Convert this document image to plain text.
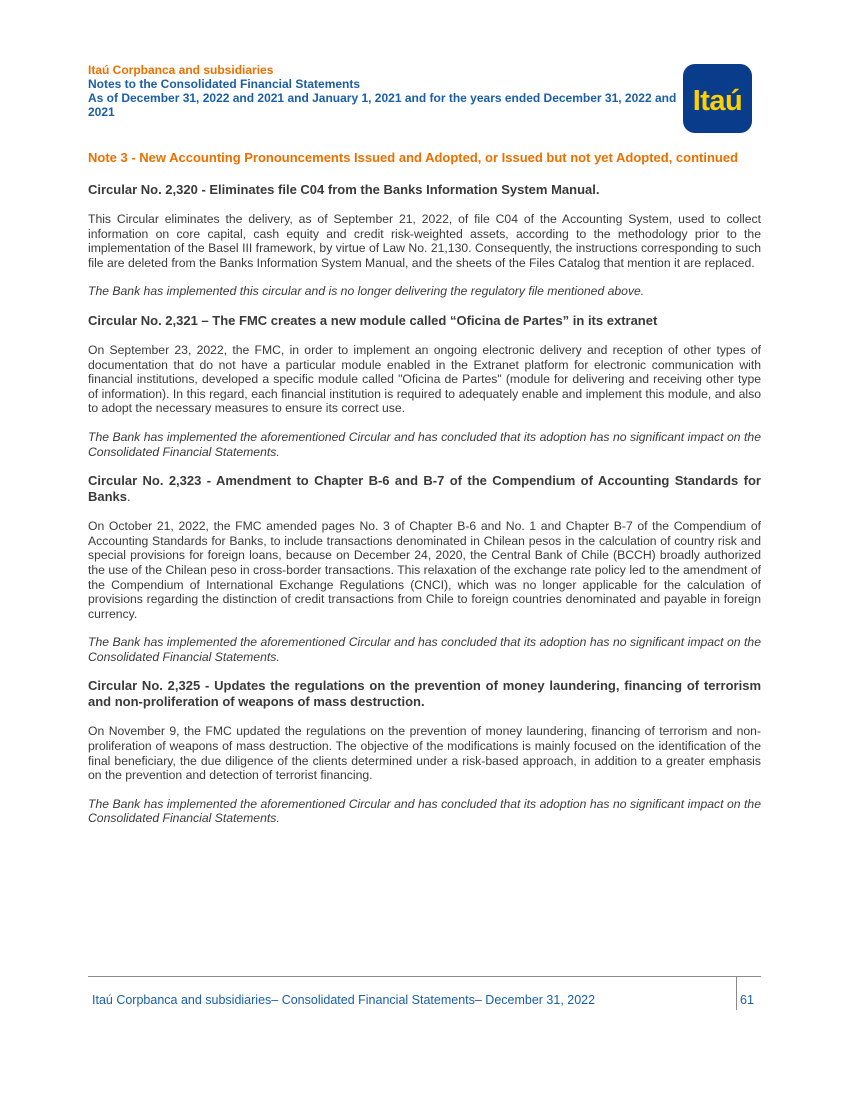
Itaú Corpbanca and subsidiaries
Notes to the Consolidated Financial Statements
As of December 31, 2022 and 2021 and January 1, 2021 and for the years ended December 31, 2022 and 2021	Itaú
Note 3 - New Accounting Pronouncements Issued and Adopted, or Issued but not yet Adopted, continued
Circular No. 2,320 - Eliminates file C04 from the Banks Information System Manual.

This Circular eliminates the delivery, as of September 21, 2022, of file C04 of the Accounting System, used to collect information on core capital, cash equity and credit risk-weighted assets, according to the methodology prior to the implementation of the Basel III framework, by virtue of Law No. 21,130. Consequently, the instructions corresponding to such file are deleted from the Banks Information System Manual, and the sheets of the Files Catalog that mention it are replaced.

The Bank has implemented this circular and is no longer delivering the regulatory file mentioned above.

Circular No. 2,321 – The FMC creates a new module called “Oficina de Partes” in its extranet

On September 23, 2022, the FMC, in order to implement an ongoing electronic delivery and reception of other types of documentation that do not have a particular module enabled in the Extranet platform for electronic communication with financial institutions, developed a specific module called "Oficina de Partes" (module for delivering and receiving other type of information). In this regard, each financial institution is required to adequately enable and implement this module, and also to adopt the necessary measures to ensure its correct use.

The Bank has implemented the aforementioned Circular and has concluded that its adoption has no significant impact on the Consolidated Financial Statements.

Circular No. 2,323 - Amendment to Chapter B-6 and B-7 of the Compendium of Accounting Standards for Banks.

On October 21, 2022, the FMC amended pages No. 3 of Chapter B-6 and No. 1 and Chapter B-7 of the Compendium of Accounting Standards for Banks, to include transactions denominated in Chilean pesos in the calculation of country risk and special provisions for foreign loans, because on December 24, 2020, the Central Bank of Chile (BCCH) broadly authorized the use of the Chilean peso in cross-border transactions. This relaxation of the exchange rate policy led to the amendment of the Compendium of International Exchange Regulations (CNCI), which was no longer applicable for the calculation of provisions regarding the distinction of credit transactions from Chile to foreign countries denominated and payable in foreign currency.

The Bank has implemented the aforementioned Circular and has concluded that its adoption has no significant impact on the Consolidated Financial Statements.

Circular No. 2,325 - Updates the regulations on the prevention of money laundering, financing of terrorism and non-proliferation of weapons of mass destruction.

On November 9, the FMC updated the regulations on the prevention of money laundering, financing of terrorism and non-proliferation of weapons of mass destruction. The objective of the modifications is mainly focused on the identification of the final beneficiary, the due diligence of the clients determined under a risk-based approach, in addition to a greater emphasis on the prevention and detection of terrorist financing.

The Bank has implemented the aforementioned Circular and has concluded that its adoption has no significant impact on the Consolidated Financial Statements.

Itaú Corpbanca and subsidiaries– Consolidated Financial Statements– December 31, 2022	61
